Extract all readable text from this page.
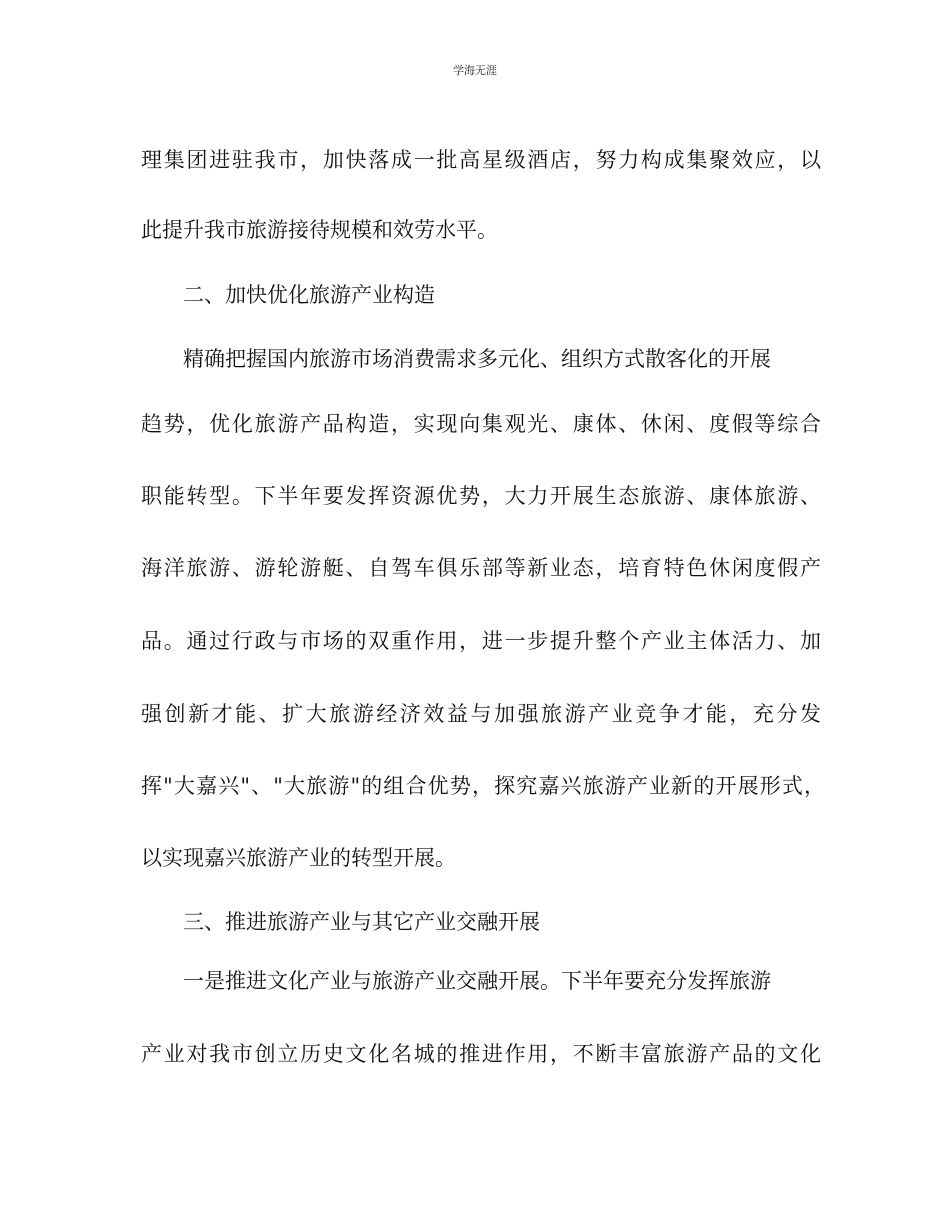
学海无涯
理集团进驻我市，加快落成一批高星级酒店，努力构成集聚效应，以
此提升我市旅游接待规模和效劳水平。
二、加快优化旅游产业构造
精确把握国内旅游市场消费需求多元化、组织方式散客化的开展
趋势，优化旅游产品构造，实现向集观光、康体、休闲、度假等综合
职能转型。下半年要发挥资源优势，大力开展生态旅游、康体旅游、
海洋旅游、游轮游艇、自驾车俱乐部等新业态，培育特色休闲度假产
品。通过行政与市场的双重作用，进一步提升整个产业主体活力、加
强创新才能、扩大旅游经济效益与加强旅游产业竞争才能，充分发
挥"大嘉兴"、"大旅游"的组合优势，探究嘉兴旅游产业新的开展形式，
以实现嘉兴旅游产业的转型开展。
三、推进旅游产业与其它产业交融开展
一是推进文化产业与旅游产业交融开展。下半年要充分发挥旅游
产业对我市创立历史文化名城的推进作用，不断丰富旅游产品的文化
